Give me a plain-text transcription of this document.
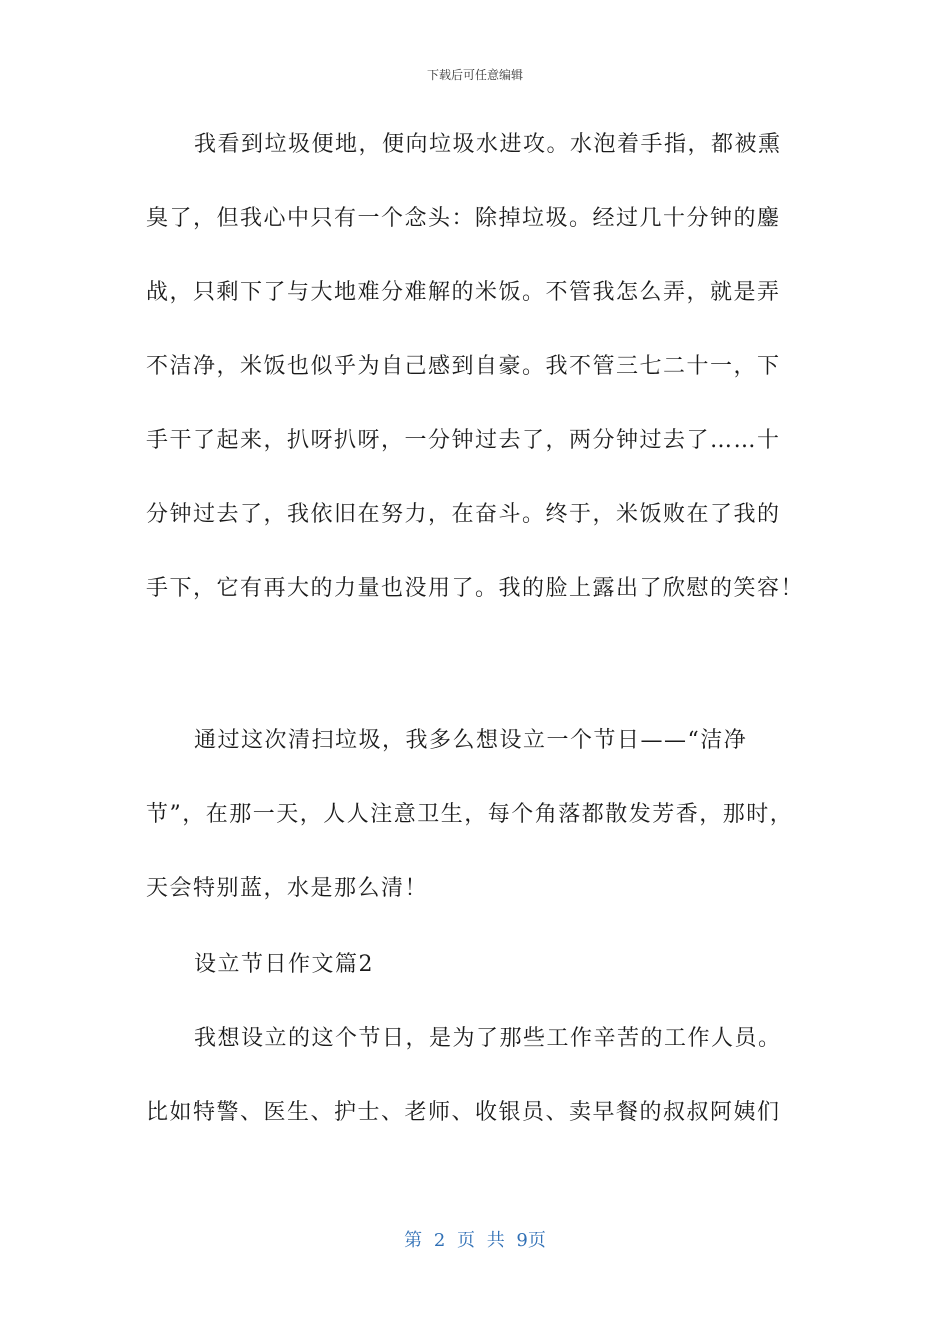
下载后可任意编辑
我看到垃圾便地，便向垃圾水进攻。水泡着手指，都被熏
臭了，但我心中只有一个念头：除掉垃圾。经过几十分钟的鏖
战，只剩下了与大地难分难解的米饭。不管我怎么弄，就是弄
不洁净，米饭也似乎为自己感到自豪。我不管三七二十一，下
手干了起来，扒呀扒呀，一分钟过去了，两分钟过去了……十
分钟过去了，我依旧在努力，在奋斗。终于，米饭败在了我的
手下，它有再大的力量也没用了。我的脸上露出了欣慰的笑容！
通过这次清扫垃圾，我多么想设立一个节日——“洁净
节”，在那一天，人人注意卫生，每个角落都散发芳香，那时，
天会特别蓝，水是那么清！
设立节日作文篇2
我想设立的这个节日，是为了那些工作辛苦的工作人员。
比如特警、医生、护士、老师、收银员、卖早餐的叔叔阿姨们
第 2 页 共 9页
